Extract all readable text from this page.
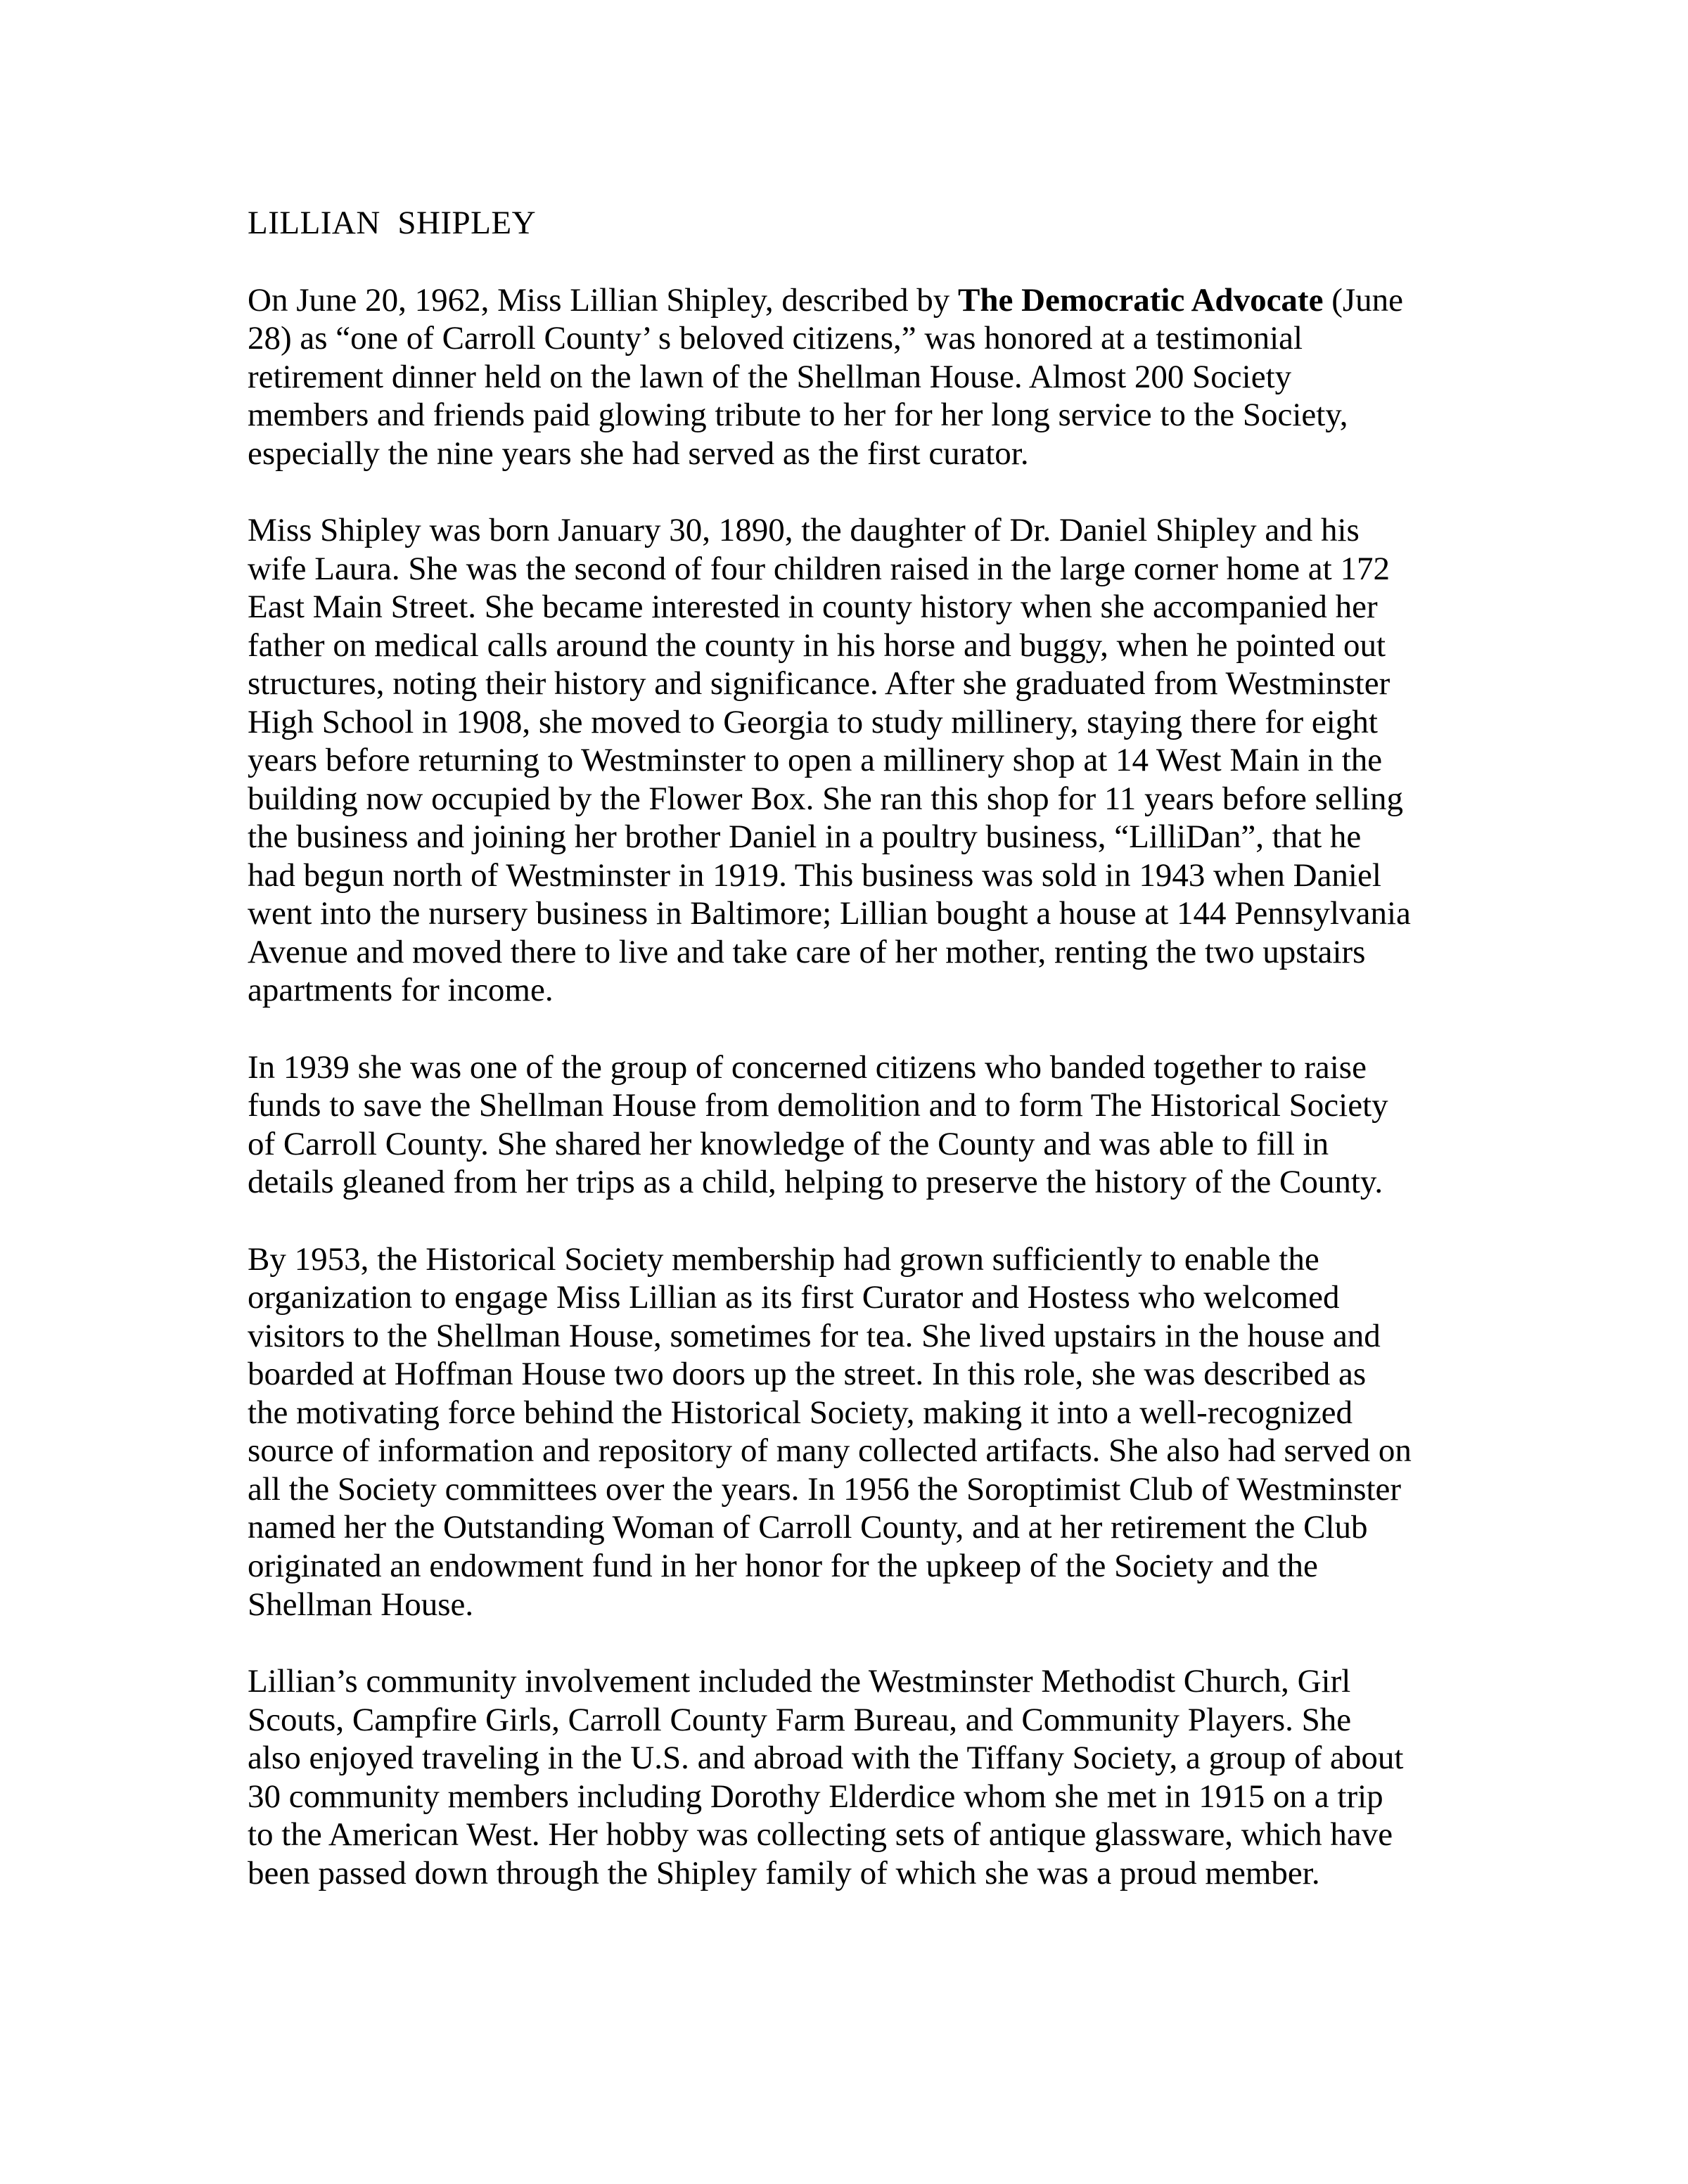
LILLIAN  SHIPLEY

On June 20, 1962, Miss Lillian Shipley, described by The Democratic Advocate (June 28) as “one of Carroll County’ s beloved citizens,” was honored at a testimonial retirement dinner held on the lawn of the Shellman House. Almost 200 Society members and friends paid glowing tribute to her for her long service to the Society, especially the nine years she had served as the first curator.

Miss Shipley was born January 30, 1890, the daughter of Dr. Daniel Shipley and his wife Laura. She was the second of four children raised in the large corner home at 172 East Main Street. She became interested in county history when she accompanied her father on medical calls around the county in his horse and buggy, when he pointed out structures, noting their history and significance. After she graduated from Westminster High School in 1908, she moved to Georgia to study millinery, staying there for eight years before returning to Westminster to open a millinery shop at 14 West Main in the building now occupied by the Flower Box. She ran this shop for 11 years before selling the business and joining her brother Daniel in a poultry business, “LilliDan”, that he had begun north of Westminster in 1919. This business was sold in 1943 when Daniel went into the nursery business in Baltimore; Lillian bought a house at 144 Pennsylvania Avenue and moved there to live and take care of her mother, renting the two upstairs apartments for income.

In 1939 she was one of the group of concerned citizens who banded together to raise funds to save the Shellman House from demolition and to form The Historical Society of Carroll County. She shared her knowledge of the County and was able to fill in details gleaned from her trips as a child, helping to preserve the history of the County.

By 1953, the Historical Society membership had grown sufficiently to enable the organization to engage Miss Lillian as its first Curator and Hostess who welcomed visitors to the Shellman House, sometimes for tea. She lived upstairs in the house and boarded at Hoffman House two doors up the street. In this role, she was described as the motivating force behind the Historical Society, making it into a well-recognized source of information and repository of many collected artifacts. She also had served on all the Society committees over the years. In 1956 the Soroptimist Club of Westminster named her the Outstanding Woman of Carroll County, and at her retirement the Club originated an endowment fund in her honor for the upkeep of the Society and the Shellman House.

Lillian’s community involvement included the Westminster Methodist Church, Girl Scouts, Campfire Girls, Carroll County Farm Bureau, and Community Players. She also enjoyed traveling in the U.S. and abroad with the Tiffany Society, a group of about 30 community members including Dorothy Elderdice whom she met in 1915 on a trip to the American West. Her hobby was collecting sets of antique glassware, which have been passed down through the Shipley family of which she was a proud member.
